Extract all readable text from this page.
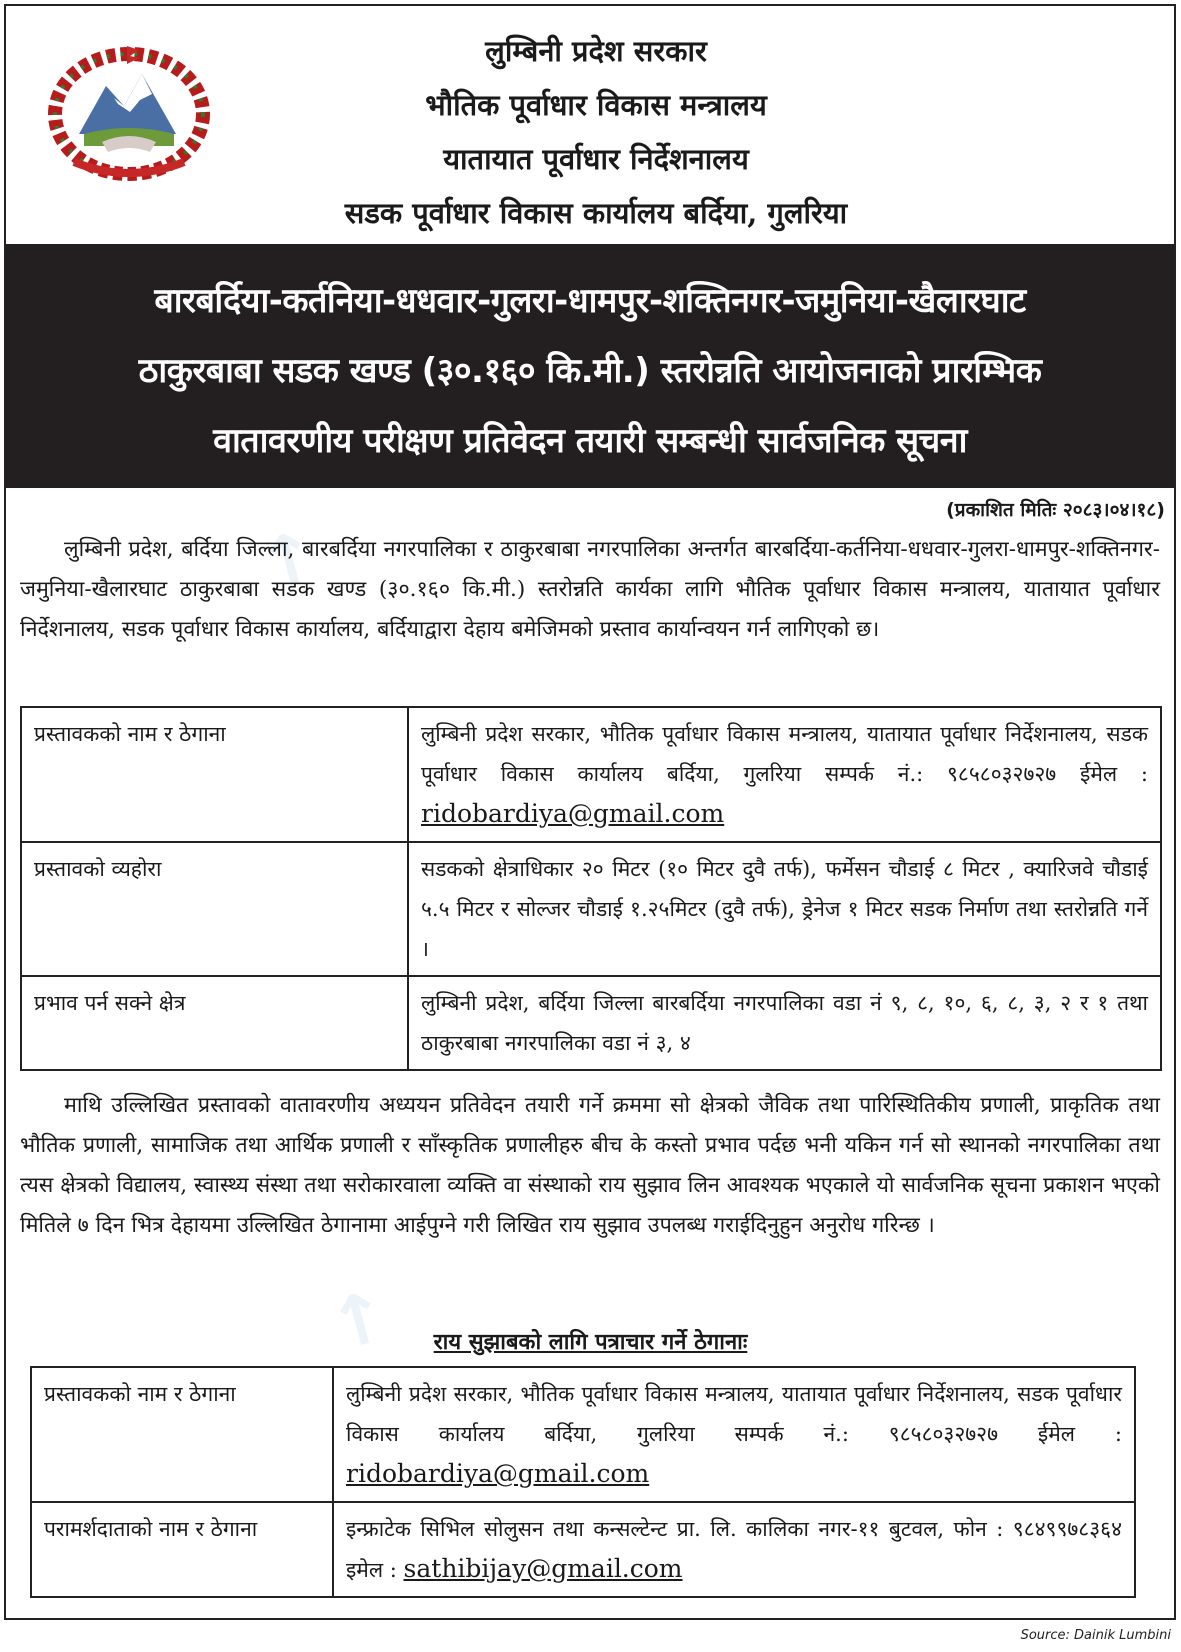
↗
↗
लुम्बिनी प्रदेश सरकार
भौतिक पूर्वाधार विकास मन्त्रालय
यातायात पूर्वाधार निर्देशनालय
सडक पूर्वाधार विकास कार्यालय बर्दिया, गुलरिया
बारबर्दिया-कर्तनिया-धधवार-गुलरा-धामपुर-शक्तिनगर-जमुनिया-खैलारघाट
ठाकुरबाबा सडक खण्ड (३०.१६० कि.मी.) स्तरोन्नति आयोजनाको प्रारम्भिक
वातावरणीय परीक्षण प्रतिवेदन तयारी सम्बन्धी सार्वजनिक सूचना
(प्रकाशित मितिः २०८३।०४।१८)

लुम्बिनी प्रदेश, बर्दिया जिल्ला, बारबर्दिया नगरपालिका र ठाकुरबाबा नगरपालिका अन्तर्गत बारबर्दिया-कर्तनिया-धधवार-गुलरा-धामपुर-शक्तिनगर-जमुनिया-खैलारघाट ठाकुरबाबा सडक खण्ड (३०.१६० कि.मी.) स्तरोन्नति कार्यका लागि भौतिक पूर्वाधार विकास मन्त्रालय, यातायात पूर्वाधार निर्देशनालय, सडक पूर्वाधार विकास कार्यालय, बर्दियाद्वारा देहाय बमेजिमको प्रस्ताव कार्यान्वयन गर्न लागिएको छ।

प्रस्तावकको नाम र ठेगाना	लुम्बिनी प्रदेश सरकार, भौतिक पूर्वाधार विकास मन्त्रालय, यातायात पूर्वाधार निर्देशनालय, सडक पूर्वाधार विकास कार्यालय बर्दिया, गुलरिया सम्पर्क नं.: ९८५८०३२७२७ ईमेल : ridobardiya@gmail.com
प्रस्तावको व्यहोरा	सडकको क्षेत्राधिकार २० मिटर (१० मिटर दुवै तर्फ), फर्मेसन चौडाई ८ मिटर , क्यारिजवे चौडाई ५.५ मिटर र सोल्जर चौडाई १.२५मिटर (दुवै तर्फ), ड्रेनेज १ मिटर सडक निर्माण तथा स्तरोन्नति गर्ने ।
प्रभाव पर्न सक्ने क्षेत्र	लुम्बिनी प्रदेश, बर्दिया जिल्ला बारबर्दिया नगरपालिका वडा नं ९, ८, १०, ६, ८, ३, २ र १ तथा ठाकुरबाबा नगरपालिका वडा नं ३, ४

माथि उल्लिखित प्रस्तावको वातावरणीय अध्ययन प्रतिवेदन तयारी गर्ने क्रममा सो क्षेत्रको जैविक तथा पारिस्थितिकीय प्रणाली, प्राकृतिक तथा भौतिक प्रणाली, सामाजिक तथा आर्थिक प्रणाली र साँस्कृतिक प्रणालीहरु बीच के कस्तो प्रभाव पर्दछ भनी यकिन गर्न सो स्थानको नगरपालिका तथा त्यस क्षेत्रको विद्यालय, स्वास्थ्य संस्था तथा सरोकारवाला व्यक्ति वा संस्थाको राय सुझाव लिन आवश्यक भएकाले यो सार्वजनिक सूचना प्रकाशन भएको मितिले ७ दिन भित्र देहायमा उल्लिखित ठेगानामा आईपुग्ने गरी लिखित राय सुझाव उपलब्ध गराईदिनुहुन अनुरोध गरिन्छ ।

राय सुझाबको लागि पत्राचार गर्ने ठेगानाः
प्रस्तावकको नाम र ठेगाना	लुम्बिनी प्रदेश सरकार, भौतिक पूर्वाधार विकास मन्त्रालय, यातायात पूर्वाधार निर्देशनालय, सडक पूर्वाधार विकास कार्यालय बर्दिया, गुलरिया सम्पर्क नं.: ९८५८०३२७२७ ईमेल : ridobardiya@gmail.com
परामर्शदाताको नाम र ठेगाना	इन्फ्राटेक सिभिल सोलुसन तथा कन्सल्टेन्ट प्रा. लि. कालिका नगर-११ बुटवल, फोन : ९८४९९७८३६४ इमेल : sathibijay@gmail.com
Source: Dainik Lumbini
